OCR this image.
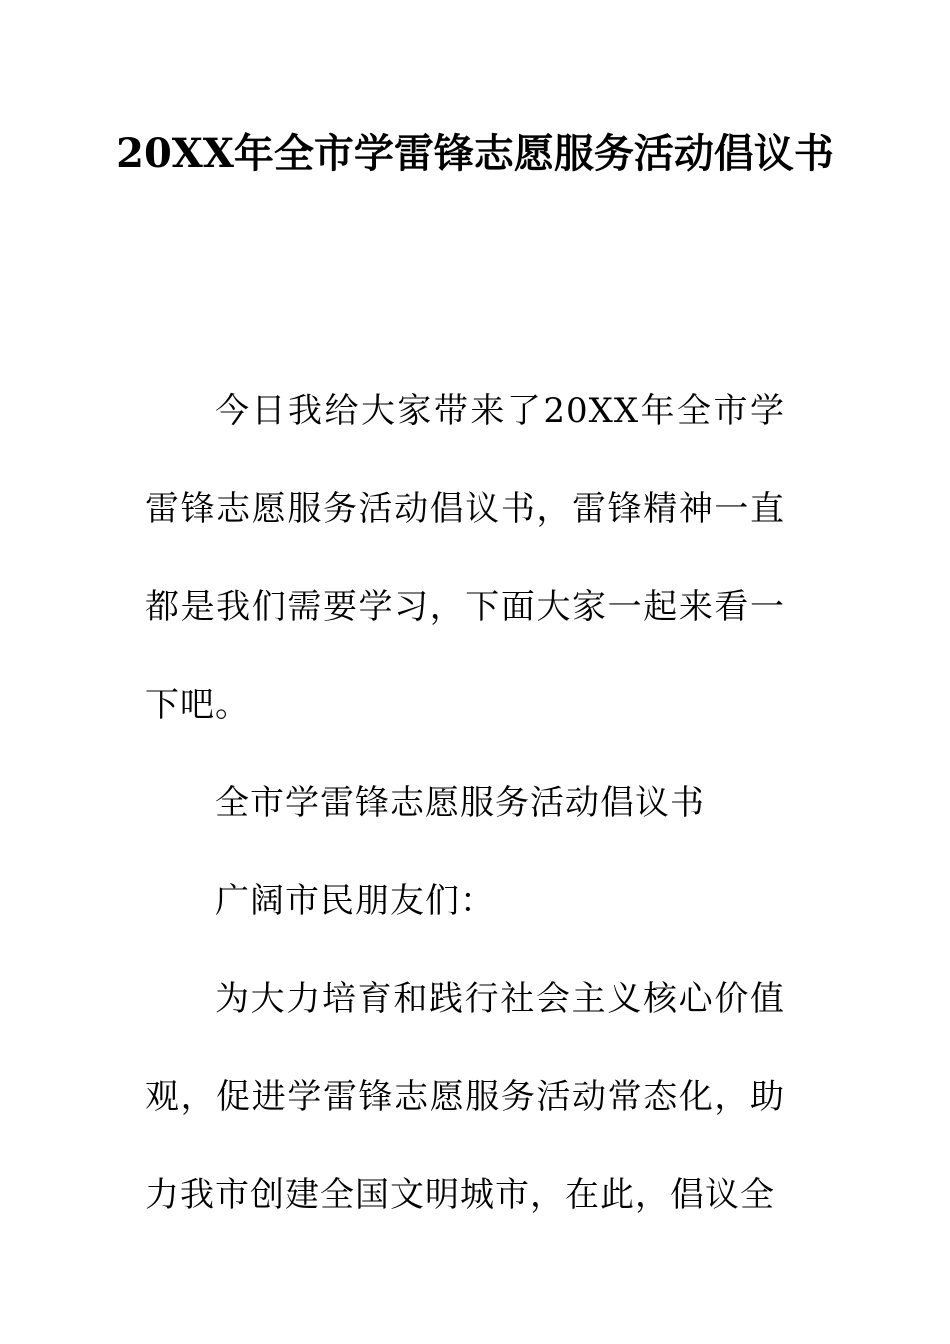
20XX年全市学雷锋志愿服务活动倡议书

今日我给大家带来了20XX年全市学雷锋志愿服务活动倡议书，雷锋精神一直都是我们需要学习，下面大家一起来看一下吧。

全市学雷锋志愿服务活动倡议书

广阔市民朋友们：

为大力培育和践行社会主义核心价值观，促进学雷锋志愿服务活动常态化，助力我市创建全国文明城市，在此，倡议全
